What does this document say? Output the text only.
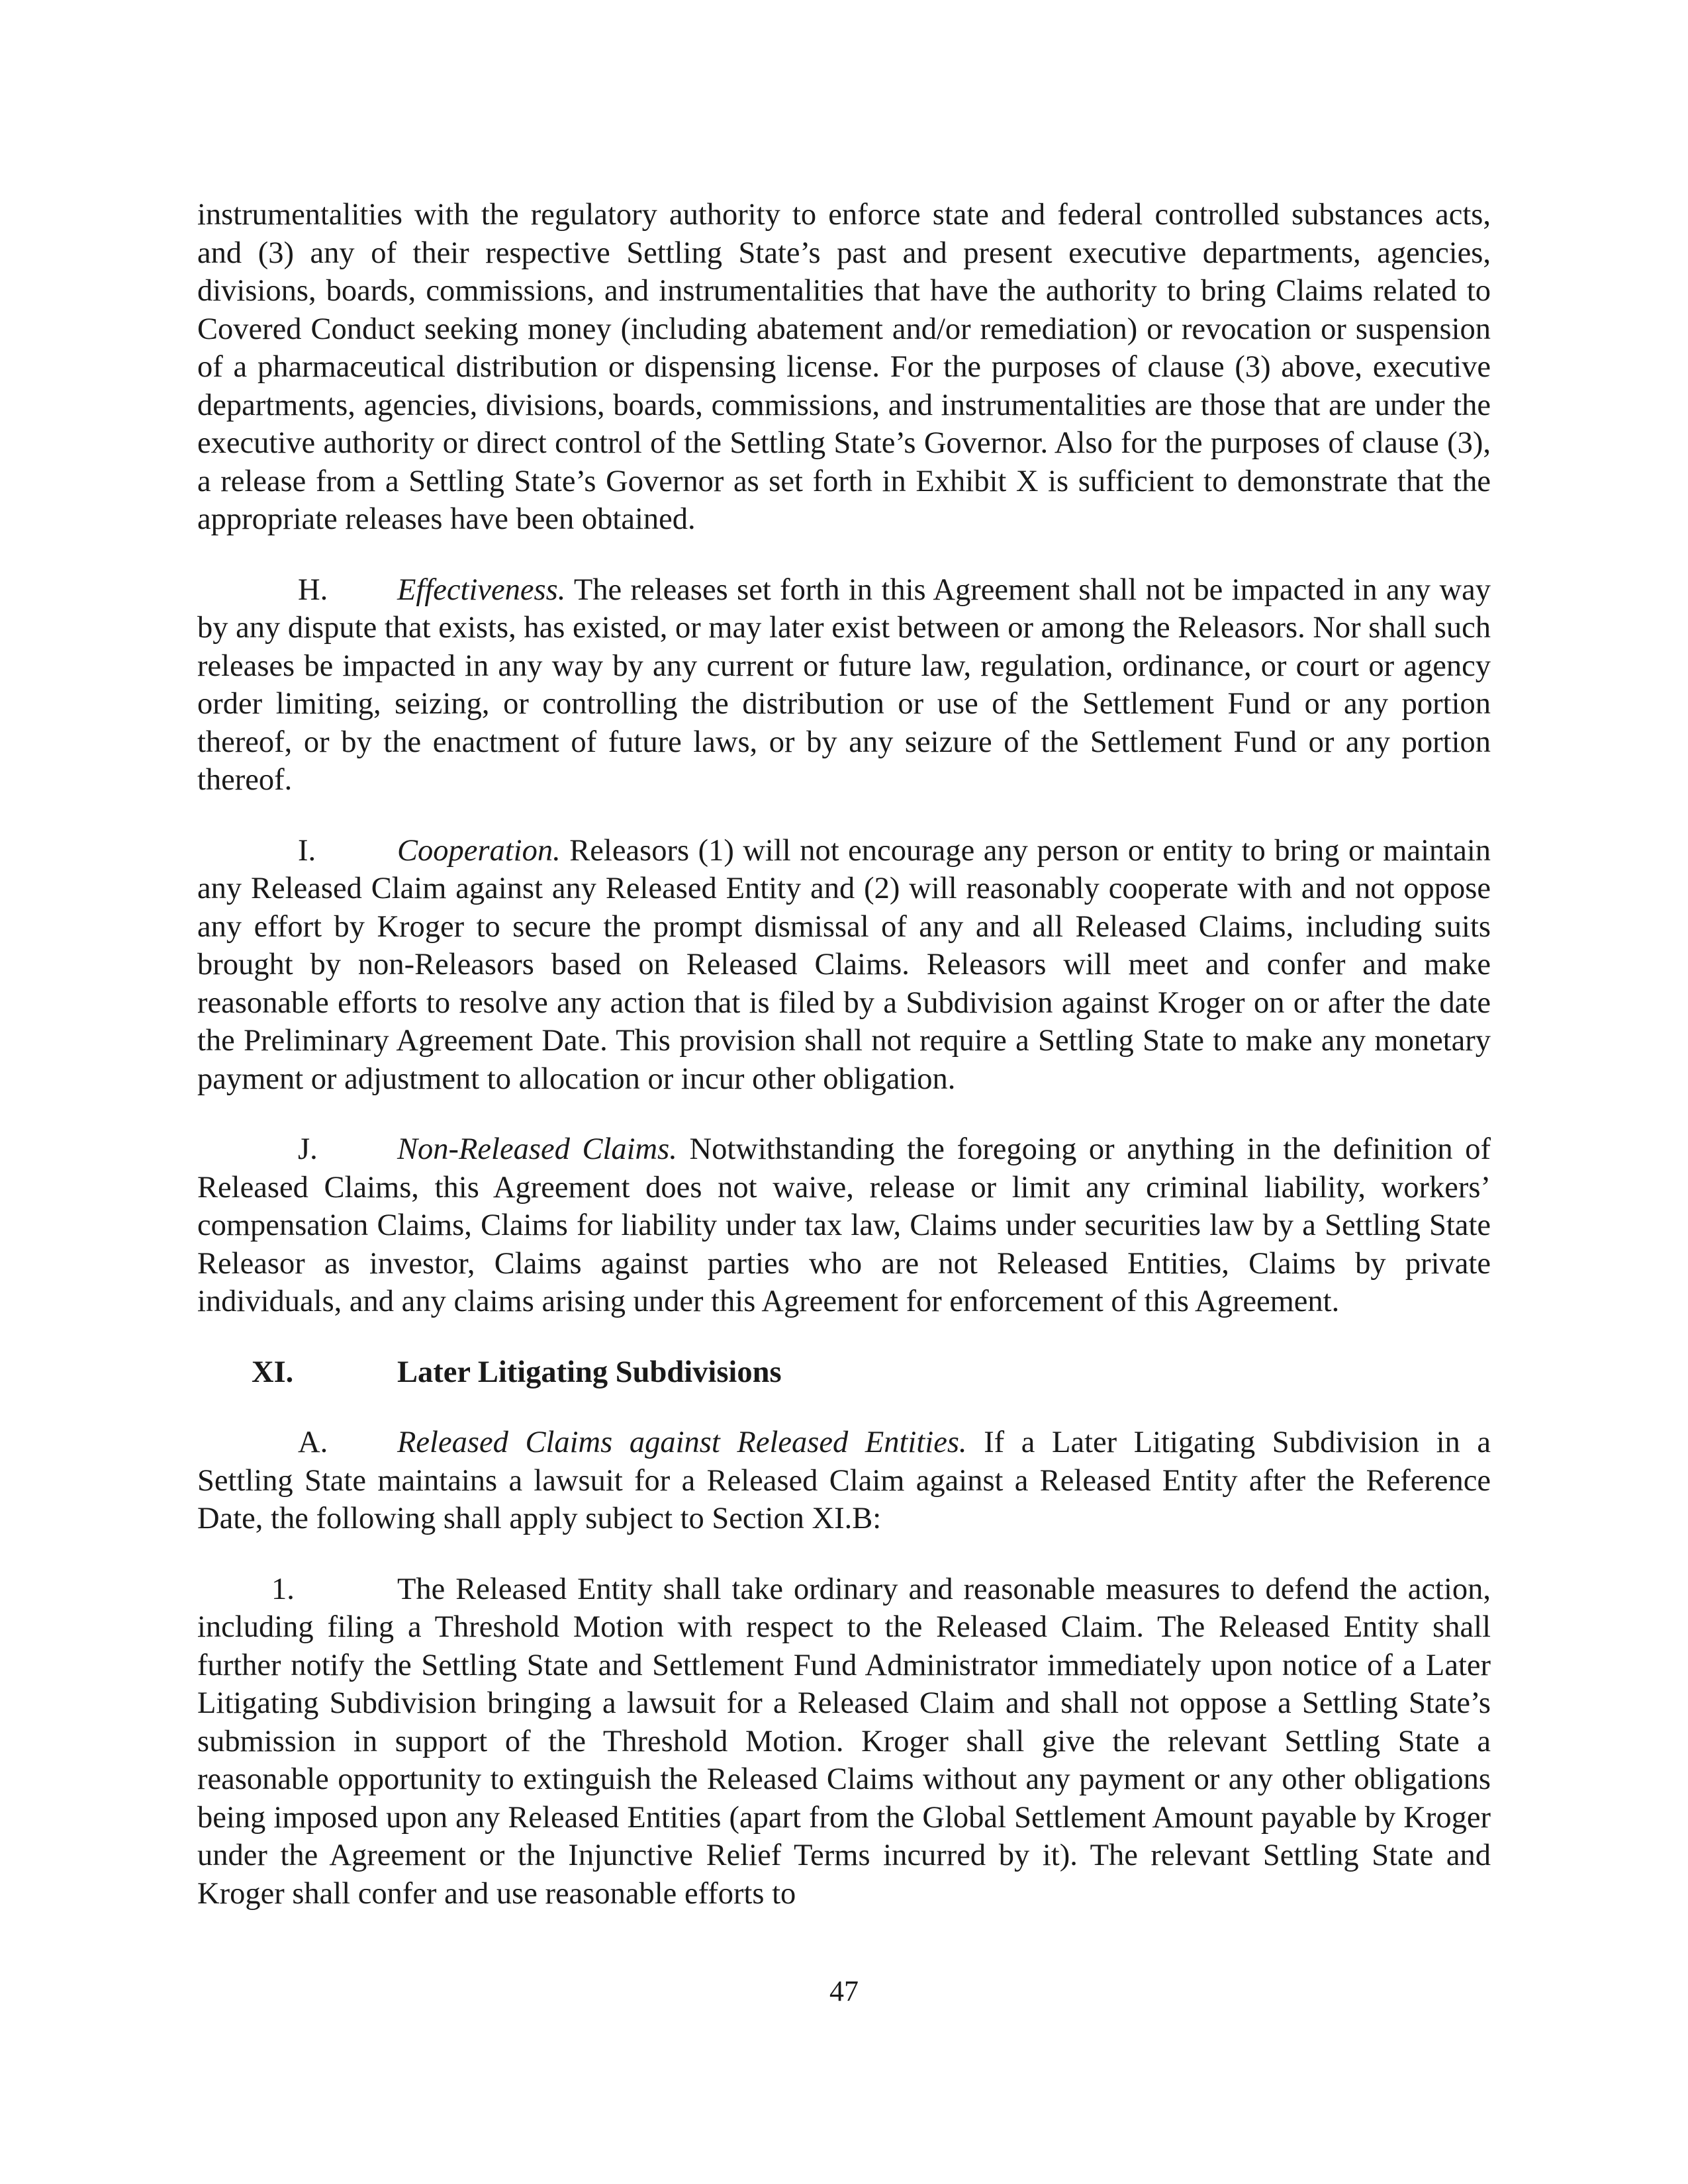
instrumentalities with the regulatory authority to enforce state and federal controlled substances acts, and (3) any of their respective Settling State’s past and present executive departments, agencies, divisions, boards, commissions, and instrumentalities that have the authority to bring Claims related to Covered Conduct seeking money (including abatement and/or remediation) or revocation or suspension of a pharmaceutical distribution or dispensing license. For the purposes of clause (3) above, executive departments, agencies, divisions, boards, commissions, and instrumentalities are those that are under the executive authority or direct control of the Settling State’s Governor. Also for the purposes of clause (3), a release from a Settling State’s Governor as set forth in Exhibit X is sufficient to demonstrate that the appropriate releases have been obtained.

H. Effectiveness. The releases set forth in this Agreement shall not be impacted in any way by any dispute that exists, has existed, or may later exist between or among the Releasors. Nor shall such releases be impacted in any way by any current or future law, regulation, ordinance, or court or agency order limiting, seizing, or controlling the distribution or use of the Settlement Fund or any portion thereof, or by the enactment of future laws, or by any seizure of the Settlement Fund or any portion thereof.

I.	Cooperation. Releasors (1) will not encourage any person or entity to bring or maintain any Released Claim against any Released Entity and (2) will reasonably cooperate with and not oppose any effort by Kroger to secure the prompt dismissal of any and all Released Claims, including suits brought by non-Releasors based on Released Claims. Releasors will meet and confer and make reasonable efforts to resolve any action that is filed by a Subdivision against Kroger on or after the date the Preliminary Agreement Date. This provision shall not require a Settling State to make any monetary payment or adjustment to allocation or incur other obligation.

J.	Non-Released Claims. Notwithstanding the foregoing or anything in the definition of Released Claims, this Agreement does not waive, release or limit any criminal liability, workers’ compensation Claims, Claims for liability under tax law, Claims under securities law by a Settling State Releasor as investor, Claims against parties who are not Released Entities, Claims by private individuals, and any claims arising under this Agreement for enforcement of this Agreement.

XI.	Later Litigating Subdivisions

A. Released Claims against Released Entities. If a Later Litigating Subdivision in a Settling State maintains a lawsuit for a Released Claim against a Released Entity after the Reference Date, the following shall apply subject to Section XI.B:

1.	The Released Entity shall take ordinary and reasonable measures to defend the action, including filing a Threshold Motion with respect to the Released Claim. The Released Entity shall further notify the Settling State and Settlement Fund Administrator immediately upon notice of a Later Litigating Subdivision bringing a lawsuit for a Released Claim and shall not oppose a Settling State’s submission in support of the Threshold Motion. Kroger shall give the relevant Settling State a reasonable opportunity to extinguish the Released Claims without any payment or any other obligations being imposed upon any Released Entities (apart from the Global Settlement Amount payable by Kroger under the Agreement or the Injunctive Relief Terms incurred by it). The relevant Settling State and Kroger shall confer and use reasonable efforts to

47
